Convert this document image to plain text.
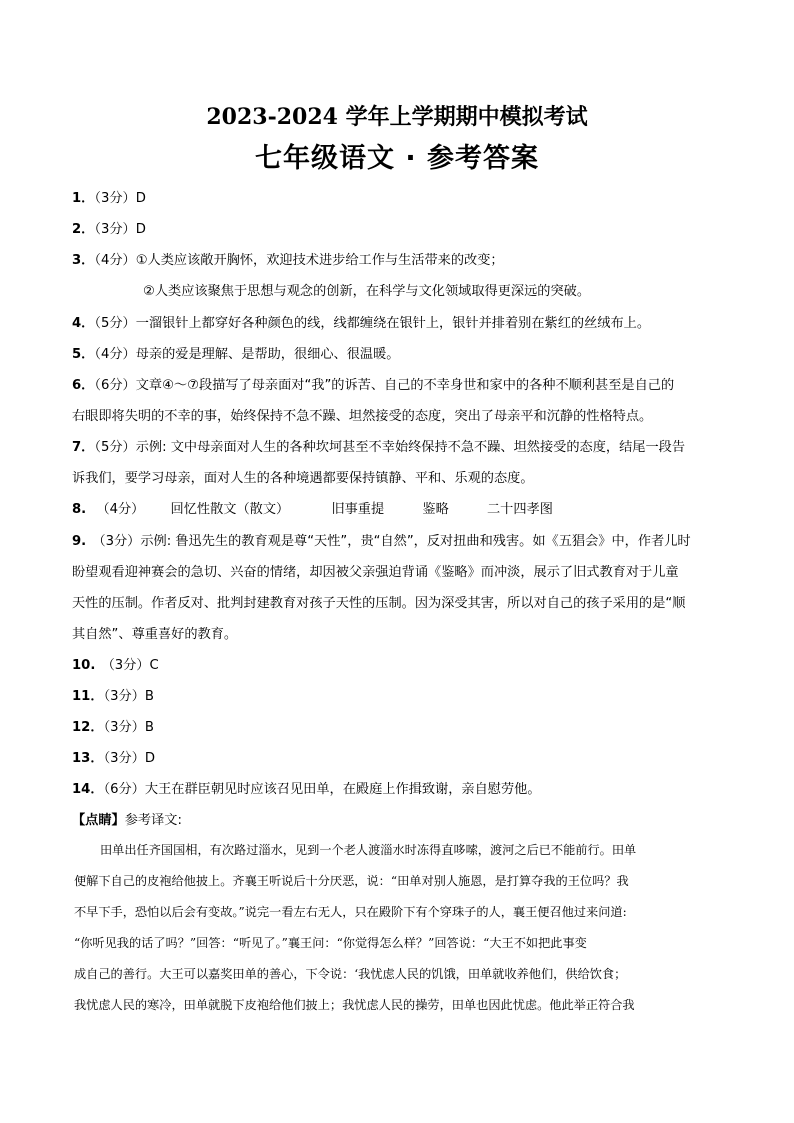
2023-2024 学年上学期期中模拟考试
七年级语文 · 参考答案
1．（3分）D
2．（3分）D
3．（4分）①人类应该敞开胸怀，欢迎技术进步给工作与生活带来的改变；
②人类应该聚焦于思想与观念的创新，在科学与文化领域取得更深远的突破。
4．（5分）一溜银针上都穿好各种颜色的线，线都缠绕在银针上，银针并排着别在紫红的丝绒布上。
5．（4分）母亲的爱是理解、是帮助，很细心、很温暖。
6．（6分）文章④～⑦段描写了母亲面对“我”的诉苦、自己的不幸身世和家中的各种不顺利甚至是自己的
右眼即将失明的不幸的事，始终保持不急不躁、坦然接受的态度，突出了母亲平和沉静的性格特点。
7．（5分）示例: 文中母亲面对人生的各种坎坷甚至不幸始终保持不急不躁、坦然接受的态度，结尾一段告
诉我们，要学习母亲，面对人生的各种境遇都要保持镇静、平和、乐观的态度。
8. （4分） 回忆性散文（散文）	旧事重提	鉴略	二十四孝图
9. （3分）示例: 鲁迅先生的教育观是尊“天性”，贵“自然”，反对扭曲和残害。如《五猖会》中，作者儿时
盼望观看迎神赛会的急切、兴奋的情绪，却因被父亲强迫背诵《鉴略》而冲淡，展示了旧式教育对于儿童
天性的压制。作者反对、批判封建教育对孩子天性的压制。因为深受其害，所以对自己的孩子采用的是“顺
其自然”、尊重喜好的教育。
10. （3分）C
11．（3分）B
12．（3分）B
13．（3分）D
14．（6分）大王在群臣朝见时应该召见田单，在殿庭上作揖致谢，亲自慰劳他。
【点睛】参考译文:
田单出任齐国国相，有次路过淄水，见到一个老人渡淄水时冻得直哆嗦，渡河之后已不能前行。田单
便解下自己的皮袍给他披上。齐襄王听说后十分厌恶，说：“田单对别人施恩，是打算夺我的王位吗？我
不早下手，恐怕以后会有变故。”说完一看左右无人，只在殿阶下有个穿珠子的人，襄王便召他过来问道:
“你听见我的话了吗？”回答：“听见了。”襄王问：“你觉得怎么样？”回答说：“大王不如把此事变
成自己的善行。大王可以嘉奖田单的善心，下令说：‘我忧虑人民的饥饿，田单就收养他们，供给饮食；
我忧虑人民的寒冷，田单就脱下皮袍给他们披上；我忧虑人民的操劳，田单也因此忧虑。他此举正符合我
